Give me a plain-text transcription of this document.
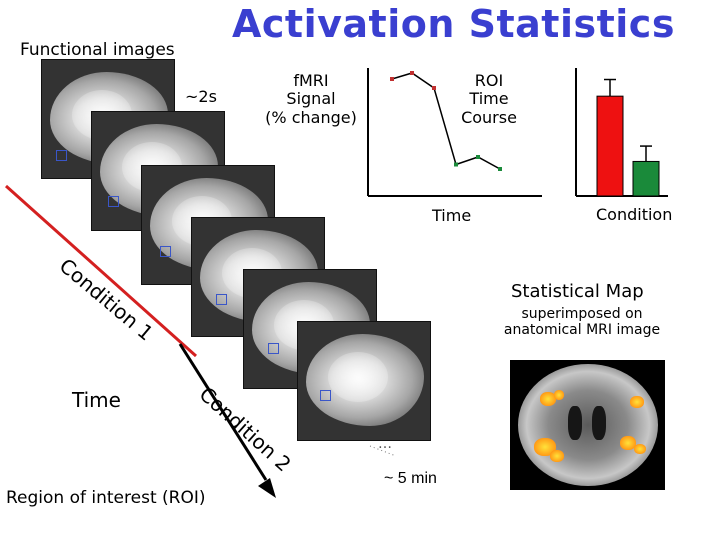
Activation Statistics
Functional images
~2s
fMRI
Signal
(% change)
ROI
Time
Course
Time	Condition
Condition 1
Condition 2
Time
Region of interest (ROI)
Statistical Map
superimposed on
anatomical MRI image
…
~ 5 min
